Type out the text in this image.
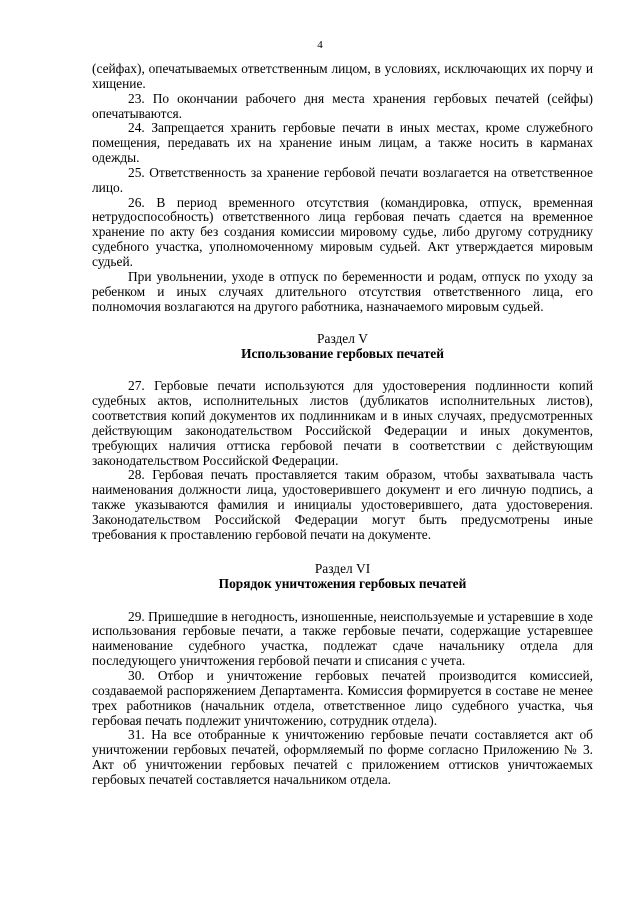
4

(сейфах), опечатываемых ответственным лицом, в условиях, исключающих их порчу и хищение.

23. По окончании рабочего дня места хранения гербовых печатей (сейфы) опечатываются.

24. Запрещается хранить гербовые печати в иных местах, кроме служебного помещения, передавать их на хранение иным лицам, а также носить в карманах одежды.

25. Ответственность за хранение гербовой печати возлагается на ответственное лицо.

26. В период временного отсутствия (командировка, отпуск, временная нетрудоспособность) ответственного лица гербовая печать сдается на временное хранение по акту без создания комиссии мировому судье, либо другому сотруднику судебного участка, уполномоченному мировым судьей. Акт утверждается мировым судьей.

При увольнении, уходе в отпуск по беременности и родам, отпуск по уходу за ребенком и иных случаях длительного отсутствия ответственного лица, его полномочия возлагаются на другого работника, назначаемого мировым судьей.

Раздел V
Использование гербовых печатей

27. Гербовые печати используются для удостоверения подлинности копий судебных актов, исполнительных листов (дубликатов исполнительных листов), соответствия копий документов их подлинникам и в иных случаях, предусмотренных действующим законодательством Российской Федерации и иных документов, требующих наличия оттиска гербовой печати в соответствии с действующим законодательством Российской Федерации.

28. Гербовая печать проставляется таким образом, чтобы захватывала часть наименования должности лица, удостоверившего документ и его личную подпись, а также указываются фамилия и инициалы удостоверившего, дата удостоверения. Законодательством Российской Федерации могут быть предусмотрены иные требования к проставлению гербовой печати на документе.

Раздел VI
Порядок уничтожения гербовых печатей

29. Пришедшие в негодность, изношенные, неиспользуемые и устаревшие в ходе использования гербовые печати, а также гербовые печати, содержащие устаревшее наименование судебного участка, подлежат сдаче начальнику отдела для последующего уничтожения гербовой печати и списания с учета.

30. Отбор и уничтожение гербовых печатей производится комиссией, создаваемой распоряжением Департамента. Комиссия формируется в составе не менее трех работников (начальник отдела, ответственное лицо судебного участка, чья гербовая печать подлежит уничтожению, сотрудник отдела).

31. На все отобранные к уничтожению гербовые печати составляется акт об уничтожении гербовых печатей, оформляемый по форме согласно Приложению № 3. Акт об уничтожении гербовых печатей с приложением оттисков уничтожаемых гербовых печатей составляется начальником отдела.
